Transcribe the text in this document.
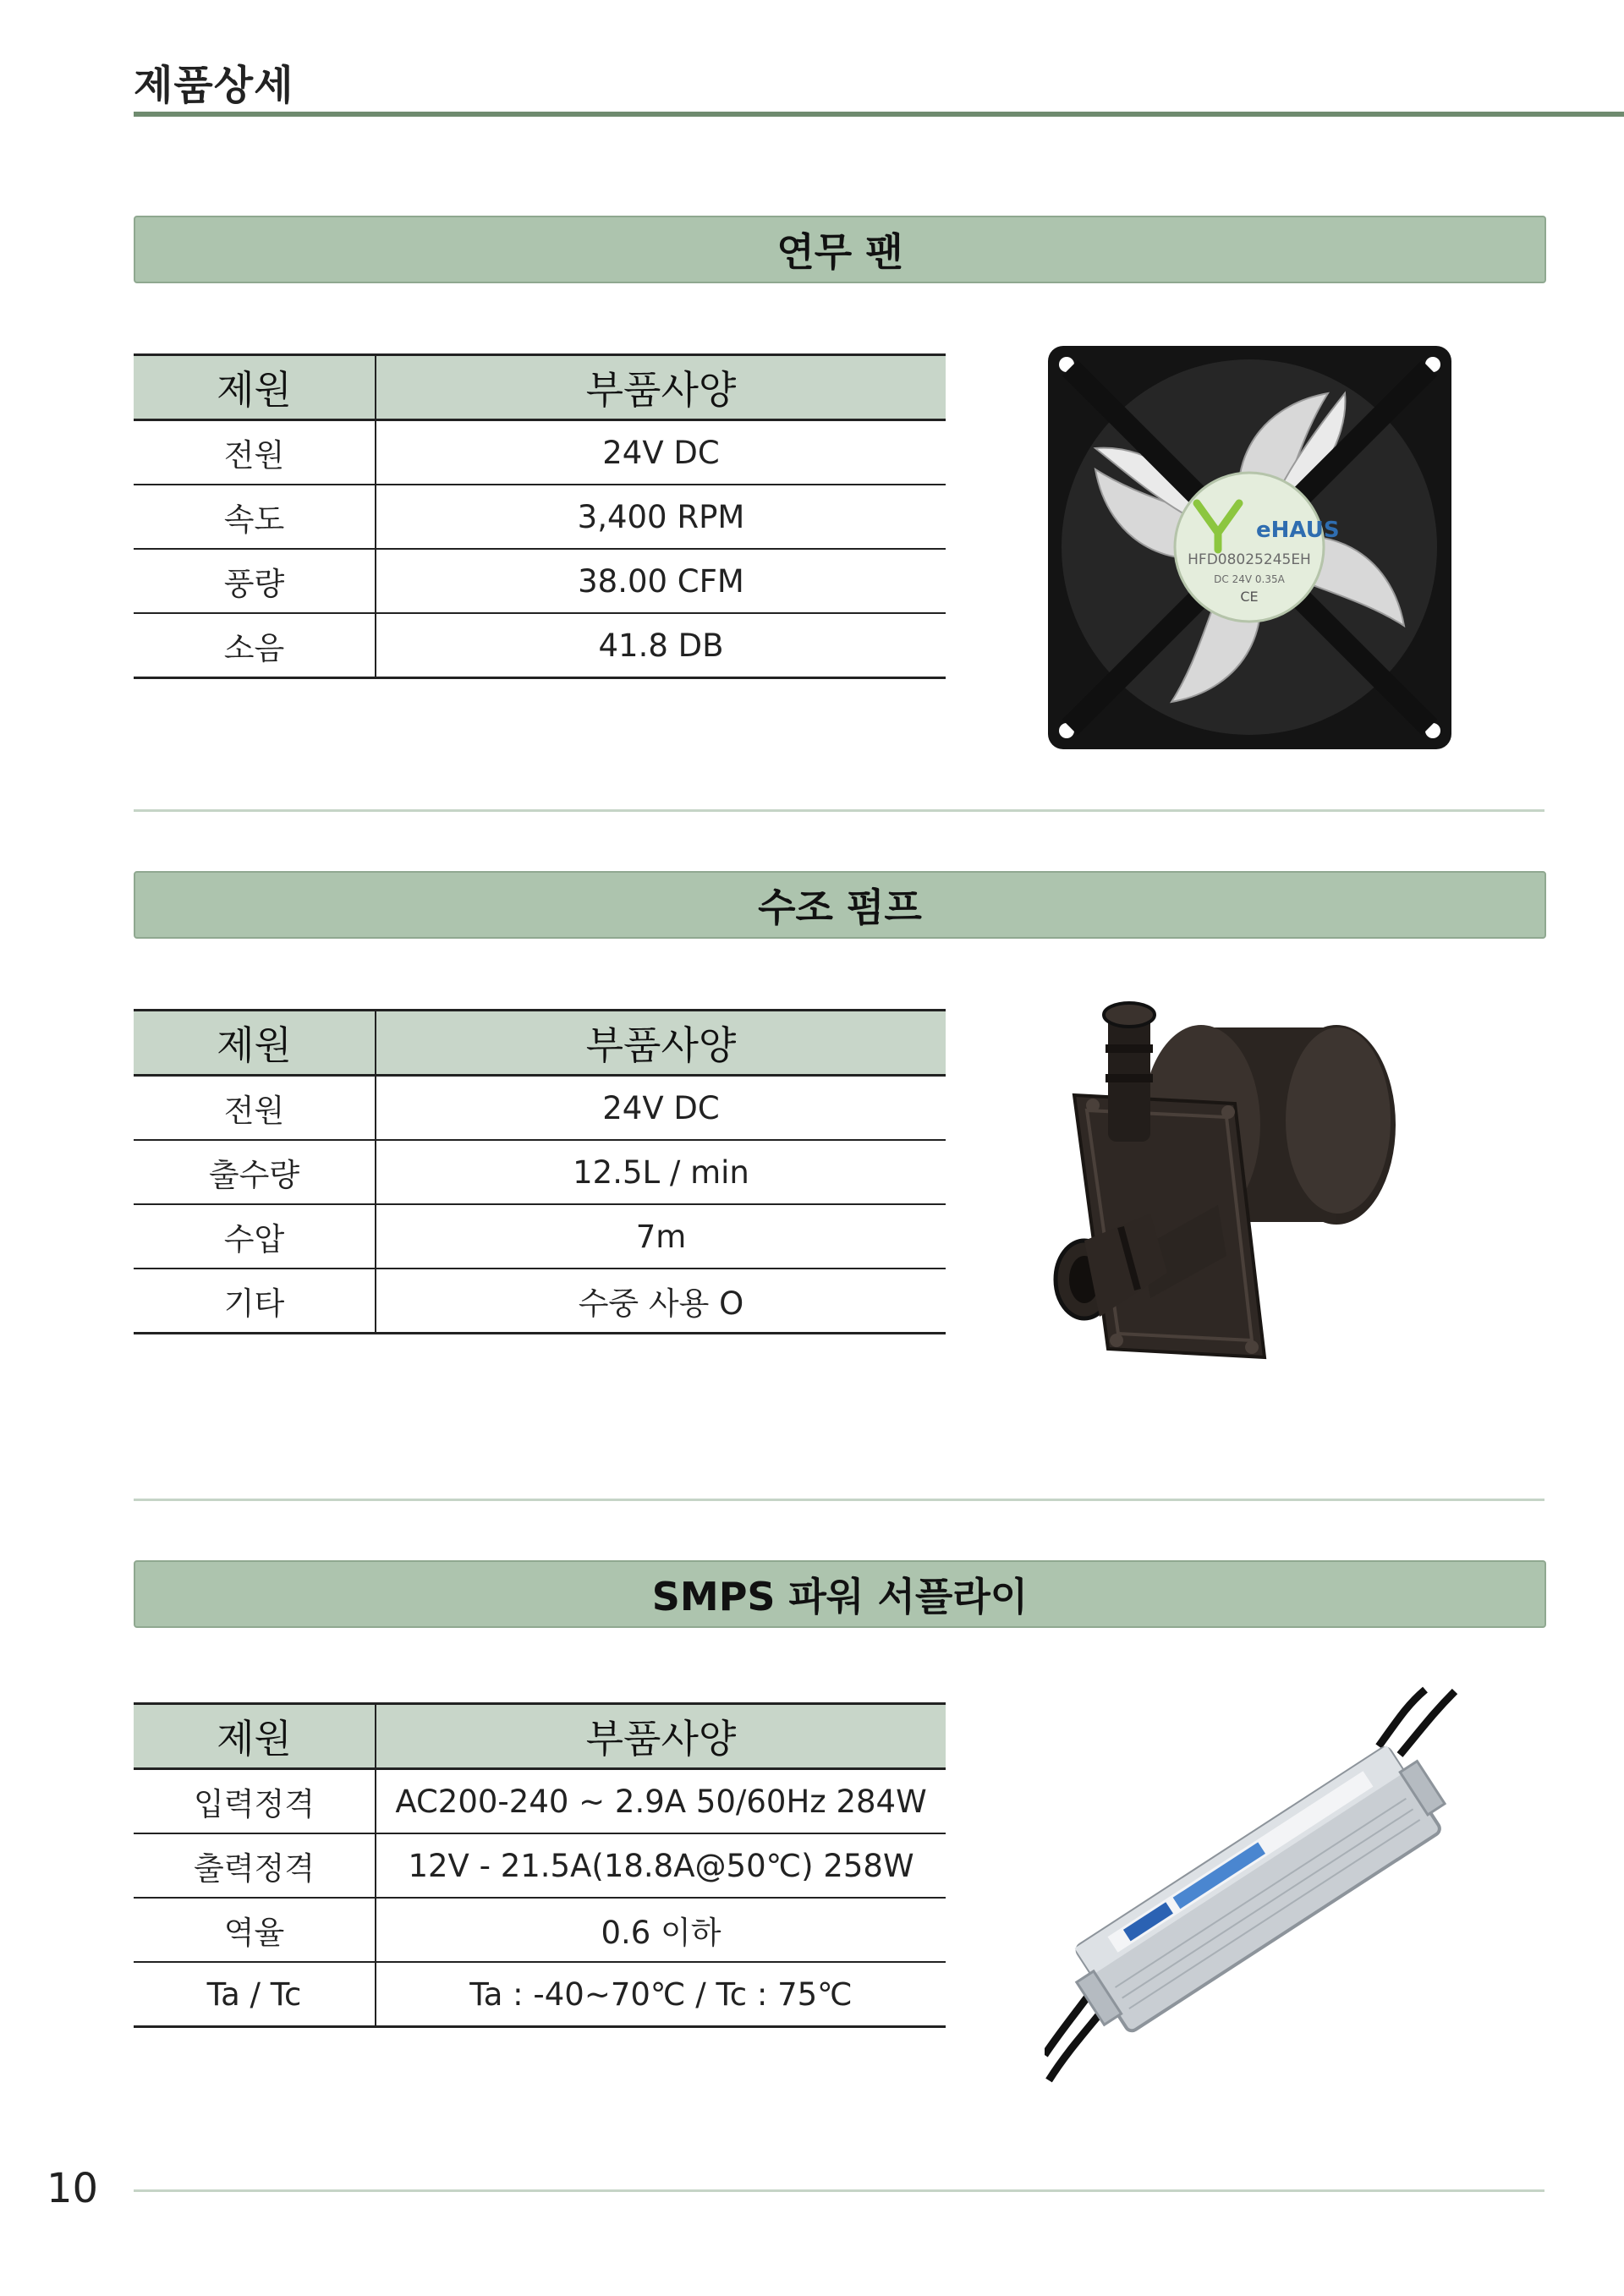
제품상세
연무 팬
제원	부품사양
전원	24V DC
속도	3,400 RPM
풍량	38.00 CFM
소음	41.8 DB
eHAUS
HFD08025245EH
DC 24V 0.35A
CE
수조 펌프
제원	부품사양
전원	24V DC
출수량	12.5L / min
수압	7m
기타	수중 사용 O
SMPS 파워 서플라이
제원	부품사양
입력정격	AC200-240 ~ 2.9A 50/60Hz 284W
출력정격	12V - 21.5A(18.8A@50℃) 258W
역율	0.6 이하
Ta / Tc	Ta : -40~70℃ / Tc : 75℃
10
